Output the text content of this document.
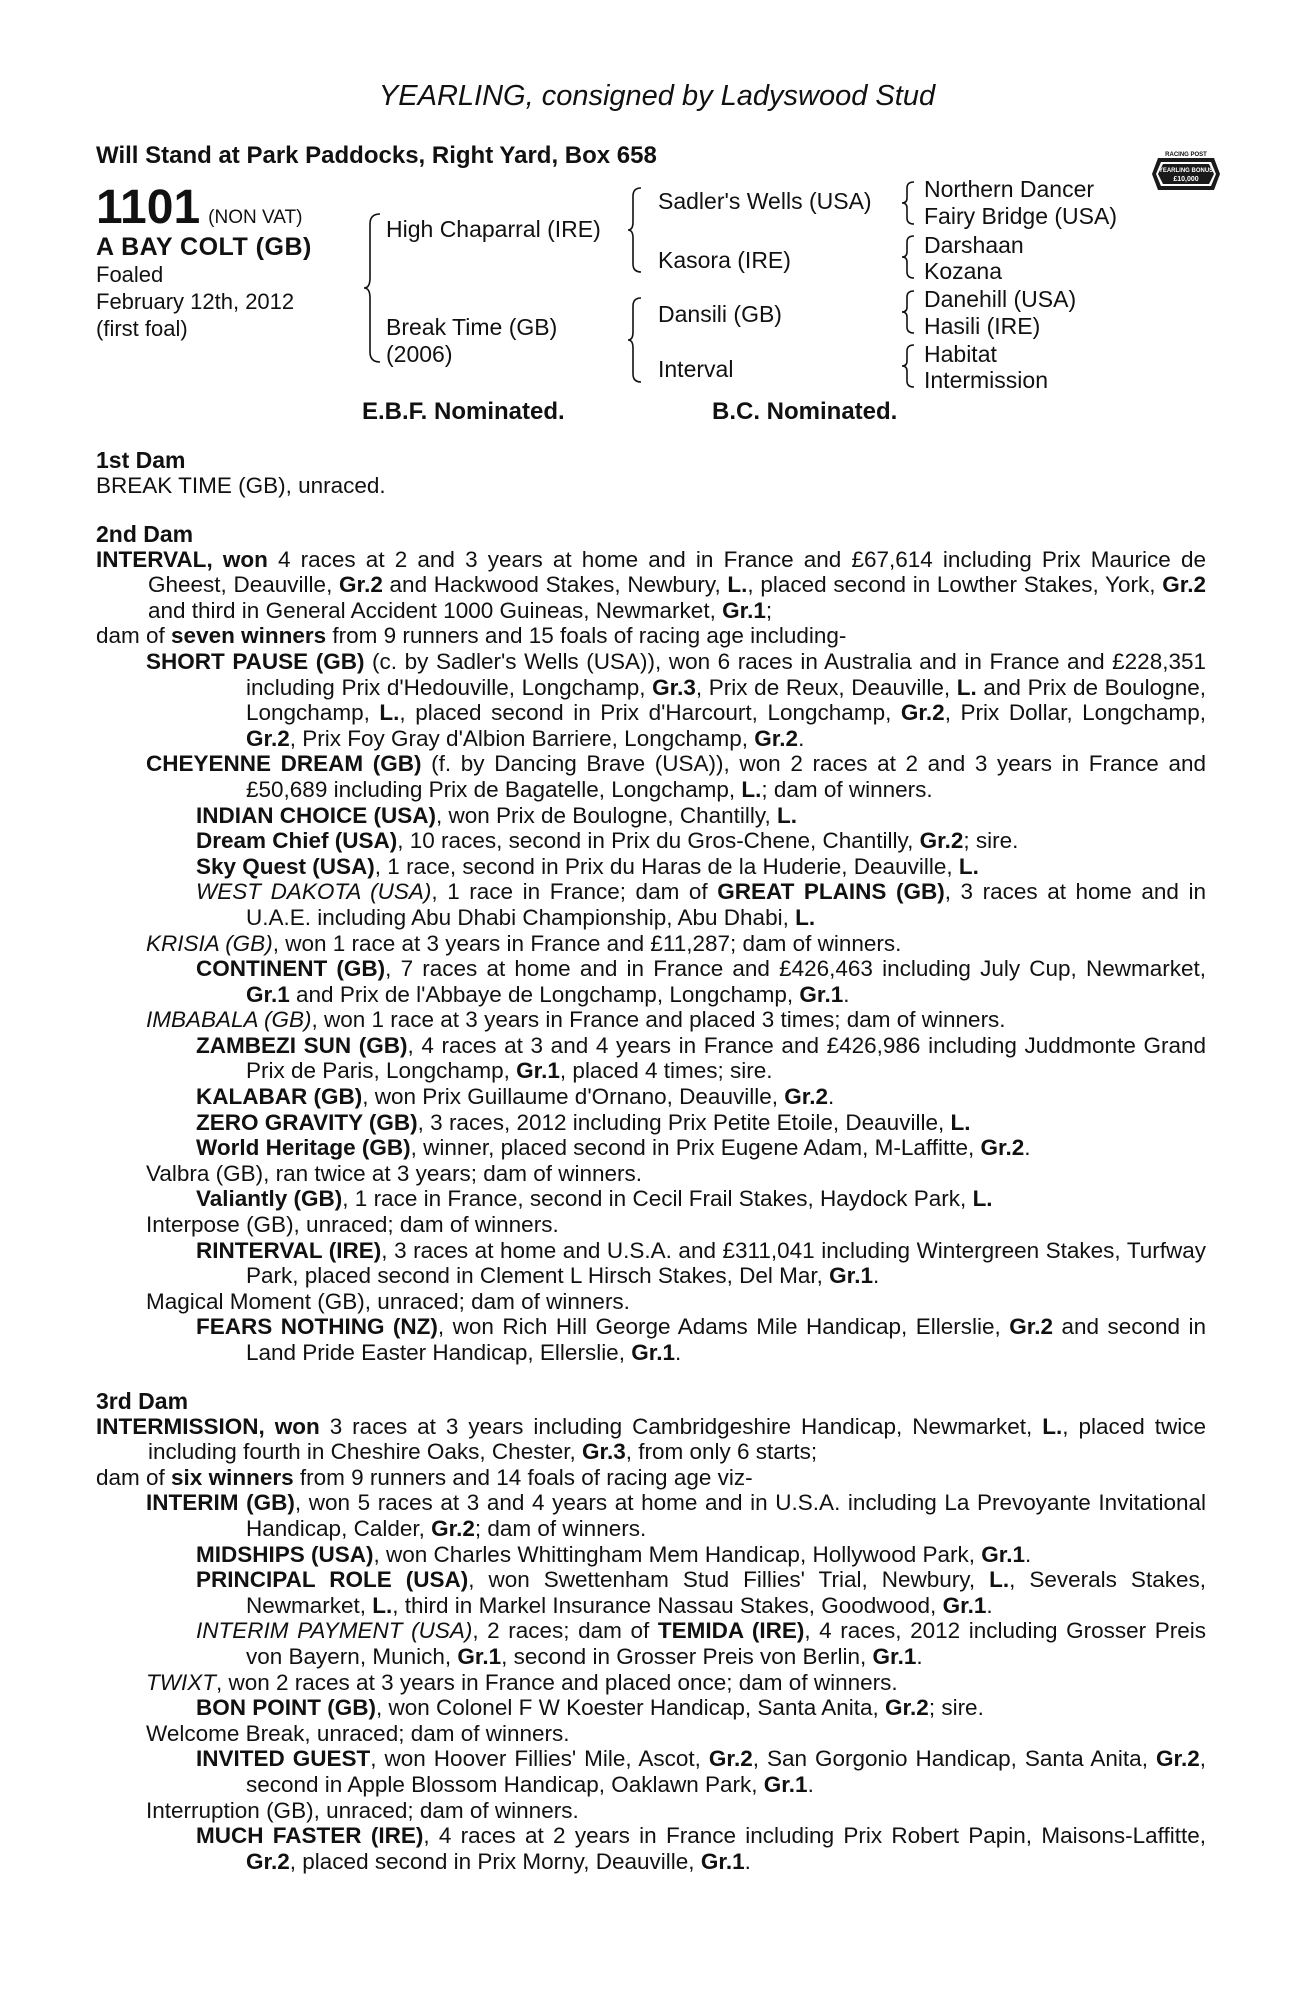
YEARLING, consigned by Ladyswood Stud
Will Stand at Park Paddocks, Right Yard, Box 658	RACING POST
YEARLING BONUS
£10,000
1101 (NON VAT)
A BAY COLT (GB)
Foaled
February 12th, 2012
(first foal)
High Chaparral (IRE)
Break Time (GB)
(2006)
Sadler's Wells (USA)
Kasora (IRE)
Dansili (GB)
Interval
Northern Dancer
Fairy Bridge (USA)
Darshaan
Kozana
Danehill (USA)
Hasili (IRE)
Habitat
Intermission
E.B.F. Nominated.	B.C. Nominated.

1st Dam

BREAK TIME (GB), unraced.

2nd Dam

INTERVAL, won 4 races at 2 and 3 years at home and in France and £67,614 including Prix Maurice de Gheest, Deauville, Gr.2 and Hackwood Stakes, Newbury, L., placed second in Lowther Stakes, York, Gr.2 and third in General Accident 1000 Guineas, Newmarket, Gr.1;

dam of seven winners from 9 runners and 15 foals of racing age including-

SHORT PAUSE (GB) (c. by Sadler's Wells (USA)), won 6 races in Australia and in France and £228,351 including Prix d'Hedouville, Longchamp, Gr.3, Prix de Reux, Deauville, L. and Prix de Boulogne, Longchamp, L., placed second in Prix d'Harcourt, Longchamp, Gr.2, Prix Dollar, Longchamp, Gr.2, Prix Foy Gray d'Albion Barriere, Longchamp, Gr.2.

CHEYENNE DREAM (GB) (f. by Dancing Brave (USA)), won 2 races at 2 and 3 years in France and £50,689 including Prix de Bagatelle, Longchamp, L.; dam of winners.

INDIAN CHOICE (USA), won Prix de Boulogne, Chantilly, L.

Dream Chief (USA), 10 races, second in Prix du Gros-Chene, Chantilly, Gr.2; sire.

Sky Quest (USA), 1 race, second in Prix du Haras de la Huderie, Deauville, L.

WEST DAKOTA (USA), 1 race in France; dam of GREAT PLAINS (GB), 3 races at home and in U.A.E. including Abu Dhabi Championship, Abu Dhabi, L.

KRISIA (GB), won 1 race at 3 years in France and £11,287; dam of winners.

CONTINENT (GB), 7 races at home and in France and £426,463 including July Cup, Newmarket, Gr.1 and Prix de l'Abbaye de Longchamp, Longchamp, Gr.1.

IMBABALA (GB), won 1 race at 3 years in France and placed 3 times; dam of winners.

ZAMBEZI SUN (GB), 4 races at 3 and 4 years in France and £426,986 including Juddmonte Grand Prix de Paris, Longchamp, Gr.1, placed 4 times; sire.

KALABAR (GB), won Prix Guillaume d'Ornano, Deauville, Gr.2.

ZERO GRAVITY (GB), 3 races, 2012 including Prix Petite Etoile, Deauville, L.

World Heritage (GB), winner, placed second in Prix Eugene Adam, M-Laffitte, Gr.2.

Valbra (GB), ran twice at 3 years; dam of winners.

Valiantly (GB), 1 race in France, second in Cecil Frail Stakes, Haydock Park, L.

Interpose (GB), unraced; dam of winners.

RINTERVAL (IRE), 3 races at home and U.S.A. and £311,041 including Wintergreen Stakes, Turfway Park, placed second in Clement L Hirsch Stakes, Del Mar, Gr.1.

Magical Moment (GB), unraced; dam of winners.

FEARS NOTHING (NZ), won Rich Hill George Adams Mile Handicap, Ellerslie, Gr.2 and second in Land Pride Easter Handicap, Ellerslie, Gr.1.

3rd Dam

INTERMISSION, won 3 races at 3 years including Cambridgeshire Handicap, Newmarket, L., placed twice including fourth in Cheshire Oaks, Chester, Gr.3, from only 6 starts;

dam of six winners from 9 runners and 14 foals of racing age viz-

INTERIM (GB), won 5 races at 3 and 4 years at home and in U.S.A. including La Prevoyante Invitational Handicap, Calder, Gr.2; dam of winners.

MIDSHIPS (USA), won Charles Whittingham Mem Handicap, Hollywood Park, Gr.1.

PRINCIPAL ROLE (USA), won Swettenham Stud Fillies' Trial, Newbury, L., Severals Stakes, Newmarket, L., third in Markel Insurance Nassau Stakes, Goodwood, Gr.1.

INTERIM PAYMENT (USA), 2 races; dam of TEMIDA (IRE), 4 races, 2012 including Grosser Preis von Bayern, Munich, Gr.1, second in Grosser Preis von Berlin, Gr.1.

TWIXT, won 2 races at 3 years in France and placed once; dam of winners.

BON POINT (GB), won Colonel F W Koester Handicap, Santa Anita, Gr.2; sire.

Welcome Break, unraced; dam of winners.

INVITED GUEST, won Hoover Fillies' Mile, Ascot, Gr.2, San Gorgonio Handicap, Santa Anita, Gr.2, second in Apple Blossom Handicap, Oaklawn Park, Gr.1.

Interruption (GB), unraced; dam of winners.

MUCH FASTER (IRE), 4 races at 2 years in France including Prix Robert Papin, Maisons-Laffitte, Gr.2, placed second in Prix Morny, Deauville, Gr.1.
